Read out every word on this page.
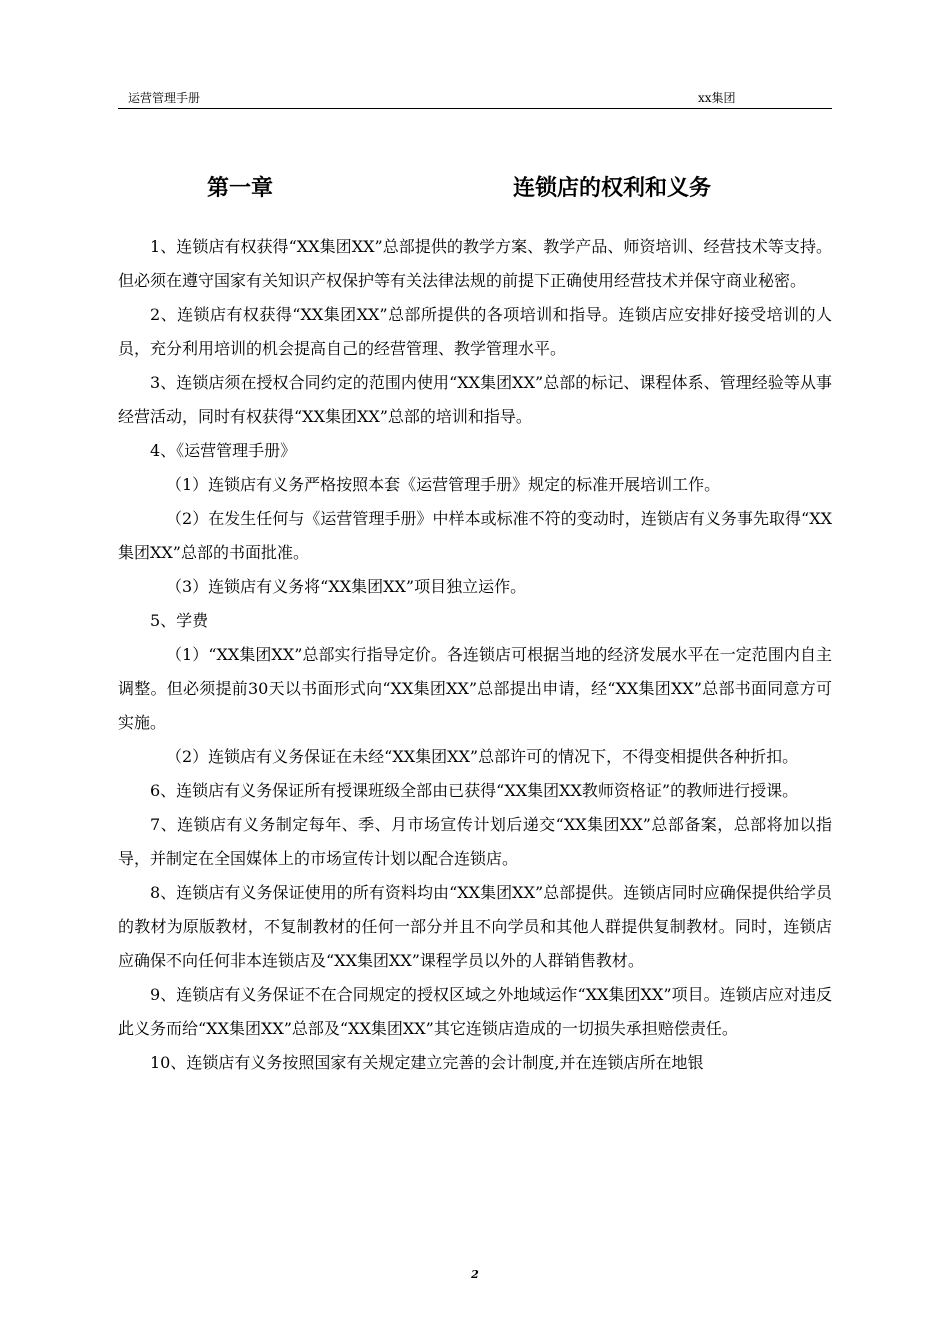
运营管理手册	xx集团
第一章	连锁店的权利和义务

1、连锁店有权获得“XX集团XX”总部提供的教学方案、教学产品、师资培训、经营技术等支持。但必须在遵守国家有关知识产权保护等有关法律法规的前提下正确使用经营技术并保守商业秘密。

2、连锁店有权获得“XX集团XX”总部所提供的各项培训和指导。连锁店应安排好接受培训的人员，充分利用培训的机会提高自己的经营管理、教学管理水平。

3、连锁店须在授权合同约定的范围内使用“XX集团XX”总部的标记、课程体系、管理经验等从事经营活动，同时有权获得“XX集团XX”总部的培训和指导。

4、《运营管理手册》

（1）连锁店有义务严格按照本套《运营管理手册》规定的标准开展培训工作。

（2）在发生任何与《运营管理手册》中样本或标准不符的变动时，连锁店有义务事先取得“XX集团XX”总部的书面批准。

（3）连锁店有义务将“XX集团XX”项目独立运作。

5、学费

（1）“XX集团XX”总部实行指导定价。各连锁店可根据当地的经济发展水平在一定范围内自主调整。但必须提前30天以书面形式向“XX集团XX”总部提出申请，经“XX集团XX”总部书面同意方可实施。

（2）连锁店有义务保证在未经“XX集团XX”总部许可的情况下，不得变相提供各种折扣。

6、连锁店有义务保证所有授课班级全部由已获得“XX集团XX教师资格证”的教师进行授课。

7、连锁店有义务制定每年、季、月市场宣传计划后递交“XX集团XX”总部备案，总部将加以指导，并制定在全国媒体上的市场宣传计划以配合连锁店。

8、连锁店有义务保证使用的所有资料均由“XX集团XX”总部提供。连锁店同时应确保提供给学员的教材为原版教材，不复制教材的任何一部分并且不向学员和其他人群提供复制教材。同时，连锁店应确保不向任何非本连锁店及“XX集团XX”课程学员以外的人群销售教材。

9、连锁店有义务保证不在合同规定的授权区域之外地域运作“XX集团XX”项目。连锁店应对违反此义务而给“XX集团XX”总部及“XX集团XX”其它连锁店造成的一切损失承担赔偿责任。

10、连锁店有义务按照国家有关规定建立完善的会计制度,并在连锁店所在地银

2
